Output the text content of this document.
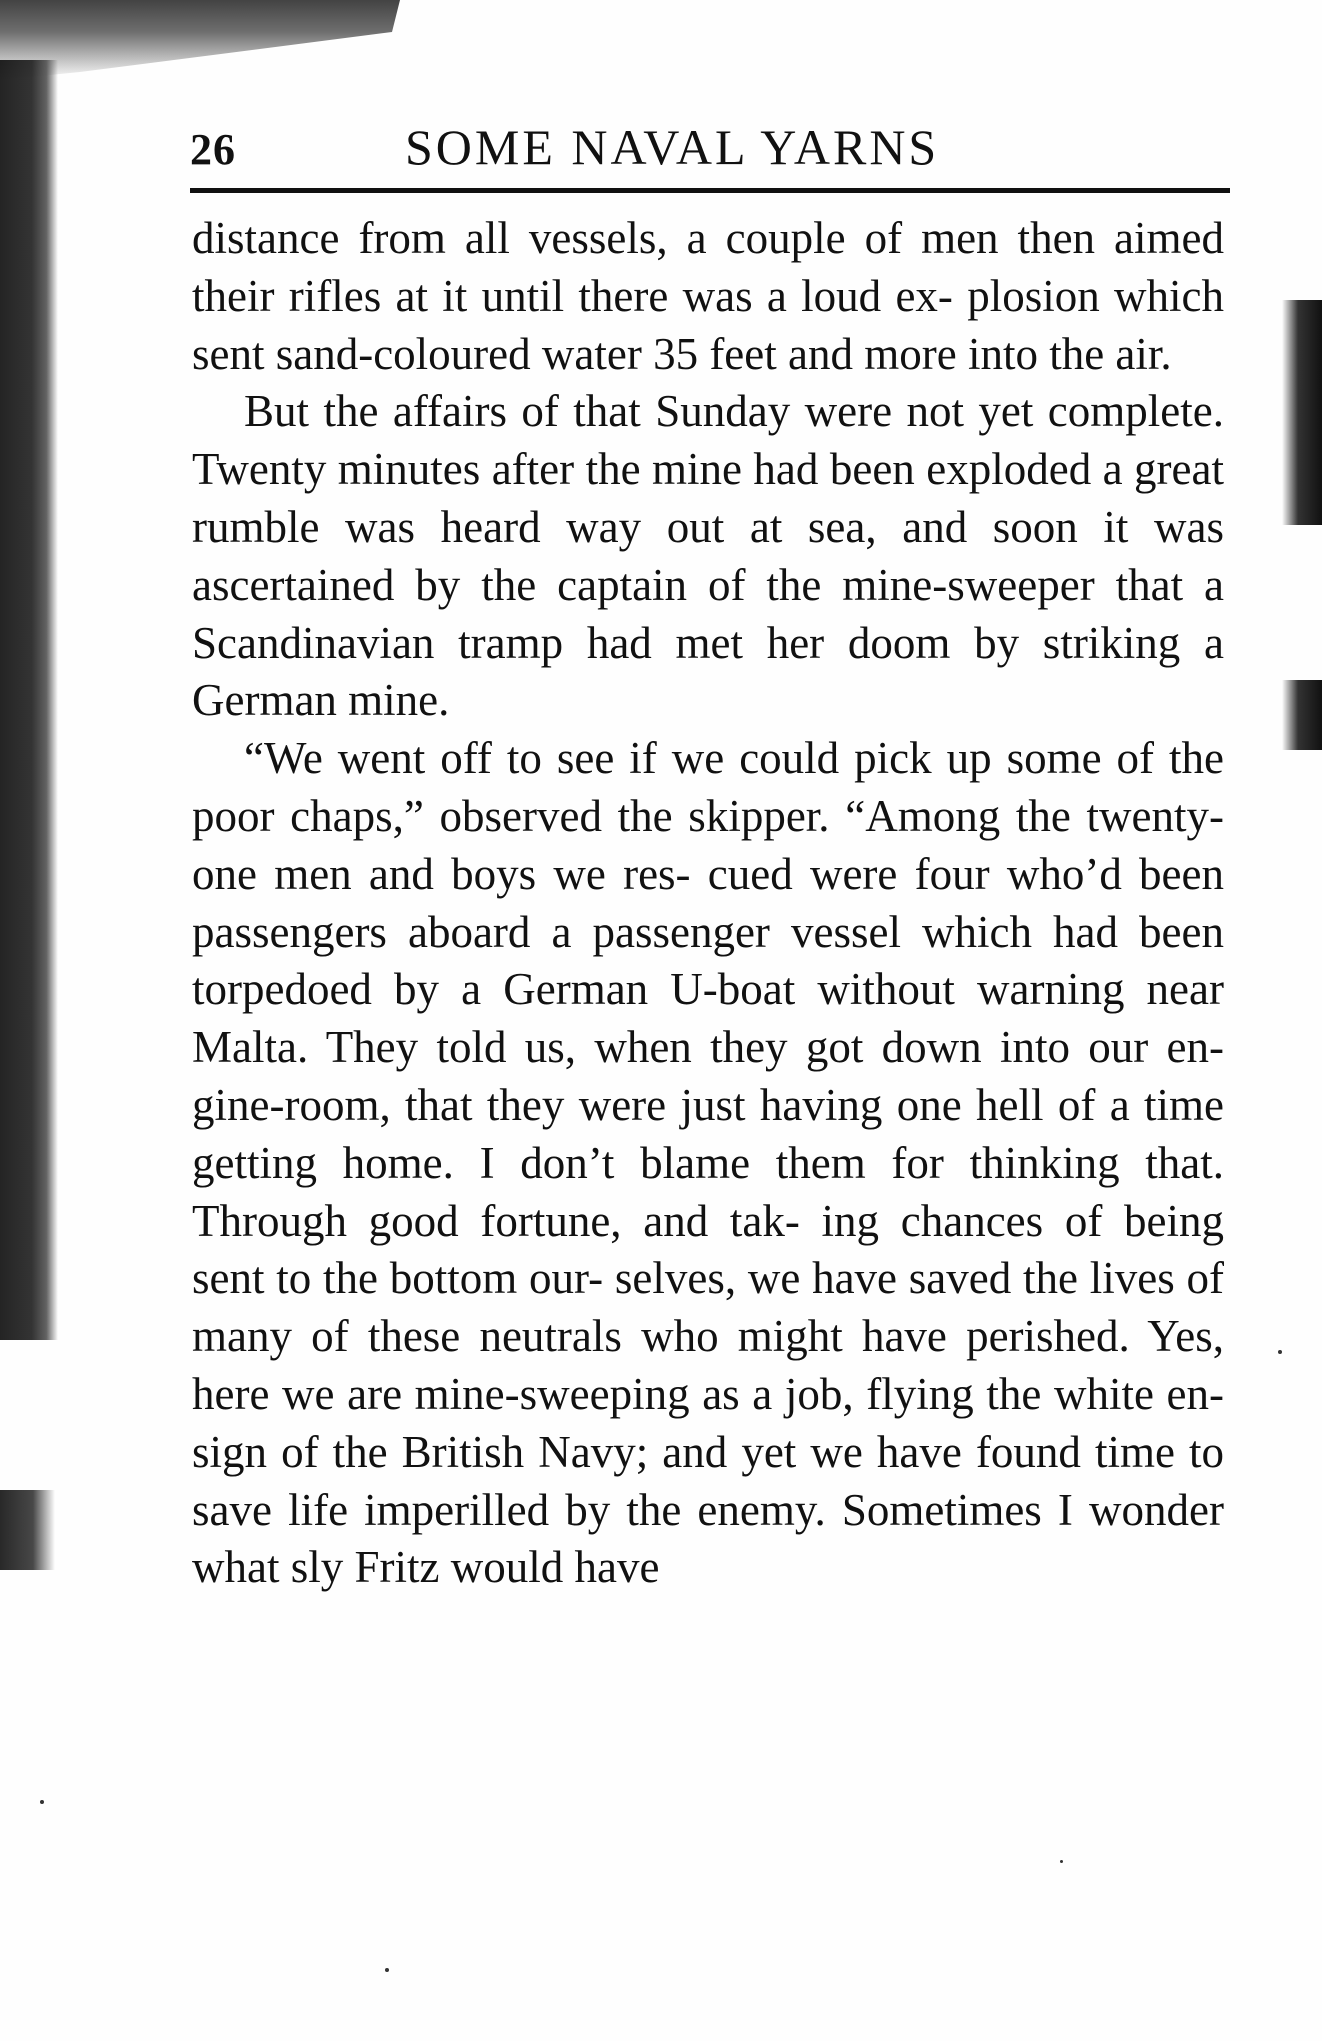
26	SOME NAVAL YARNS

distance from all vessels, a couple of men then aimed their rifles at it until there was a loud ex- plosion which sent sand-coloured water 35 feet and more into the air.

But the affairs of that Sunday were not yet complete. Twenty minutes after the mine had been exploded a great rumble was heard way out at sea, and soon it was ascertained by the captain of the mine-sweeper that a Scandinavian tramp had met her doom by striking a German mine.

“We went off to see if we could pick up some of the poor chaps,” observed the skipper. “Among the twenty-one men and boys we res- cued were four who’d been passengers aboard a passenger vessel which had been torpedoed by a German U-boat without warning near Malta. They told us, when they got down into our en- gine-room, that they were just having one hell of a time getting home. I don’t blame them for thinking that. Through good fortune, and tak- ing chances of being sent to the bottom our- selves, we have saved the lives of many of these neutrals who might have perished. Yes, here we are mine-sweeping as a job, flying the white en- sign of the British Navy; and yet we have found time to save life imperilled by the enemy. Sometimes I wonder what sly Fritz would have
